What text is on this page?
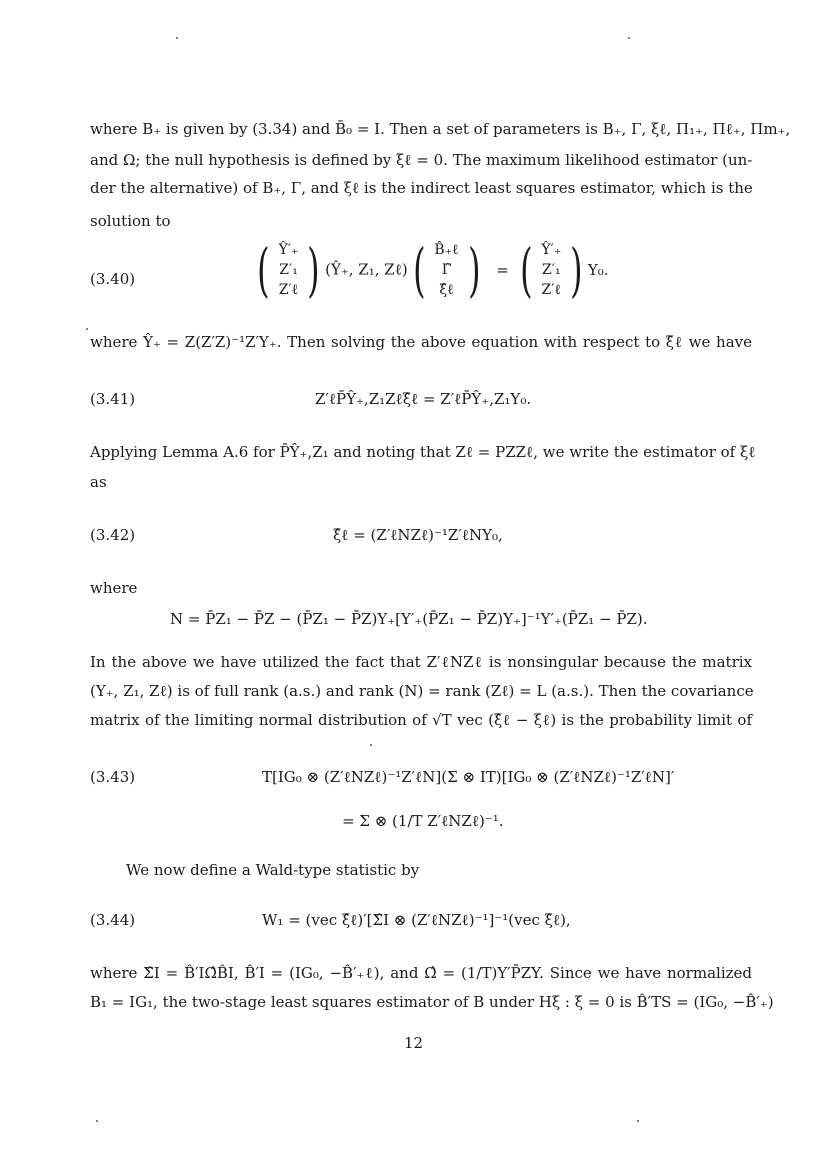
where B₊ is given by (3.34) and B̄₀ = I. Then a set of parameters is B₊, Γ, ξℓ, Π₁₊, Πℓ₊, Πm₊,
and Ω; the null hypothesis is defined by ξℓ = 0. The maximum likelihood estimator (un-
der the alternative) of B₊, Γ, and ξℓ is the indirect least squares estimator, which is the
solution to
(3.40) ( Ŷ′₊
Z′₁
Z′ℓ ) (Ŷ₊, Z₁, Zℓ)( B̂₊ℓ
Γ̂
ξ̂ℓ ) = ( Ŷ′₊
Z′₁
Z′ℓ ) Y₀.
where Ŷ₊ = Z(Z′Z)⁻¹Z′Y₊. Then solving the above equation with respect to ξ̂ℓ we have
(3.41)	Z′ℓP̄Ŷ₊,Z₁Zℓξ̂ℓ = Z′ℓP̄Ŷ₊,Z₁Y₀.
Applying Lemma A.6 for P̄Ŷ₊,Z₁ and noting that Zℓ = PZZℓ, we write the estimator of ξℓ
as
(3.42)	ξ̂ℓ = (Z′ℓNZℓ)⁻¹Z′ℓNY₀,
where
N = P̄Z₁ − P̄Z − (P̄Z₁ − P̄Z)Y₊[Y′₊(P̄Z₁ − P̄Z)Y₊]⁻¹Y′₊(P̄Z₁ − P̄Z).
In the above we have utilized the fact that Z′ℓNZℓ is nonsingular because the matrix
(Y₊, Z₁, Zℓ) is of full rank (a.s.) and rank (N) = rank (Zℓ) = L (a.s.). Then the covariance
matrix of the limiting normal distribution of √T vec (ξ̂ℓ − ξℓ) is the probability limit of
(3.43)	T[IG₀ ⊗ (Z′ℓNZℓ)⁻¹Z′ℓN](Σ ⊗ IT)[IG₀ ⊗ (Z′ℓNZℓ)⁻¹Z′ℓN]′
= Σ ⊗ (1/T Z′ℓNZℓ)⁻¹.
We now define a Wald-type statistic by
(3.44)	W₁ = (vec ξ̂ℓ)′[Σ̂I ⊗ (Z′ℓNZℓ)⁻¹]⁻¹(vec ξ̂ℓ),
where Σ̂I = B̂′IΩ̂B̂I, B̂′I = (IG₀, −B̂′₊ℓ), and Ω̂ = (1/T)Y′P̄ZY. Since we have normalized
B₁ = IG₁, the two-stage least squares estimator of B under Hξ : ξ = 0 is B̂′TS = (IG₀, −B̂′₊)
12
